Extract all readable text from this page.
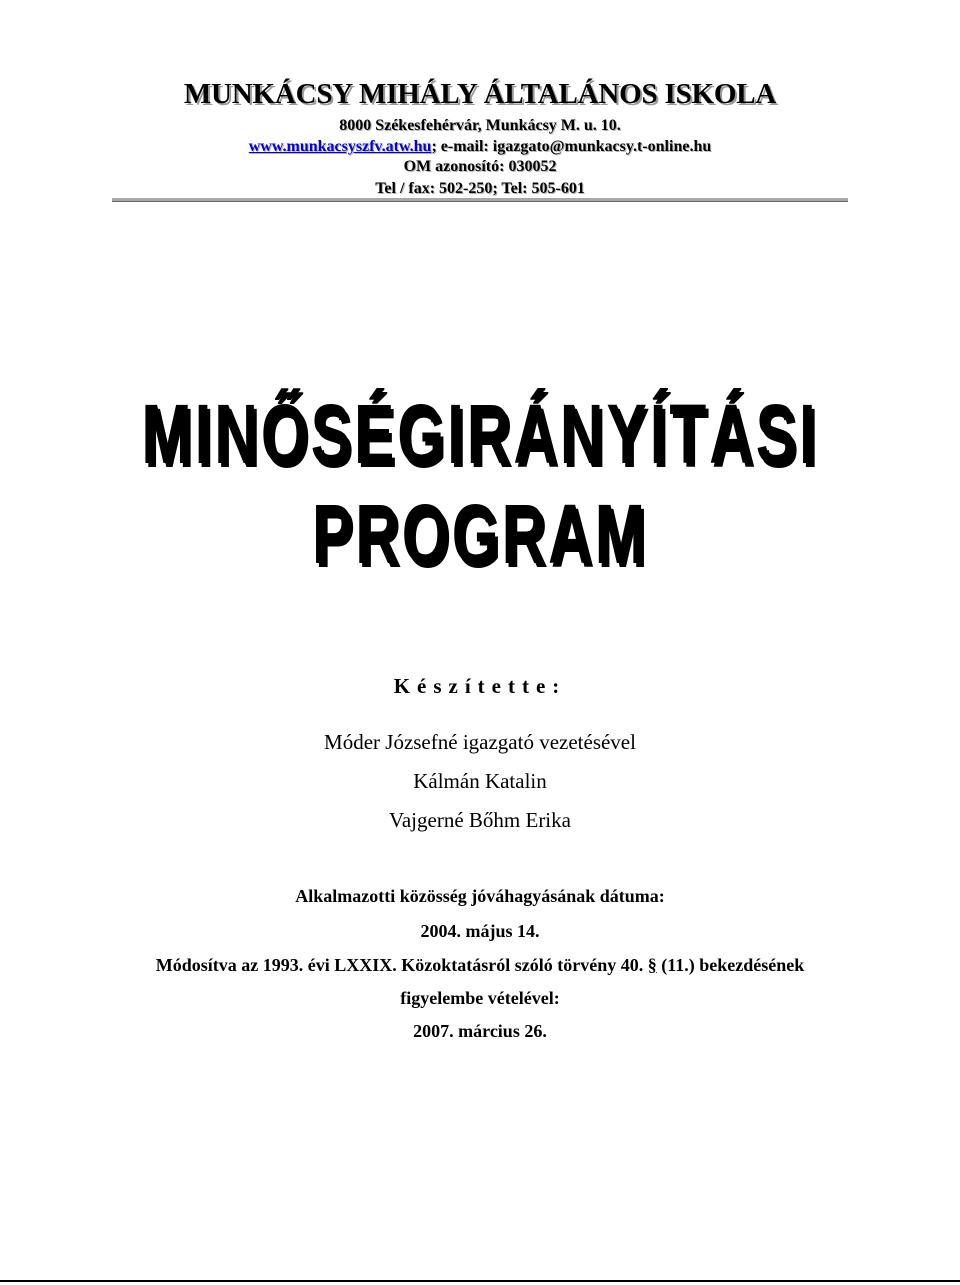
MUNKÁCSY MIHÁLY ÁLTALÁNOS ISKOLA
8000 Székesfehérvár, Munkácsy M. u. 10.
www.munkacsyszfv.atw.hu; e-mail: igazgato@munkacsy.t-online.hu
OM azonosító: 030052
Tel / fax: 502-250; Tel: 505-601
MINŐSÉGIRÁNYÍTÁSI
PROGRAM
Készítette:
Móder Józsefné igazgató vezetésével
Kálmán Katalin
Vajgerné Bőhm Erika
Alkalmazotti közösség jóváhagyásának dátuma:
2004. május 14.
Módosítva az 1993. évi LXXIX. Közoktatásról szóló törvény 40. § (11.) bekezdésének
figyelembe vételével:
2007. március 26.
